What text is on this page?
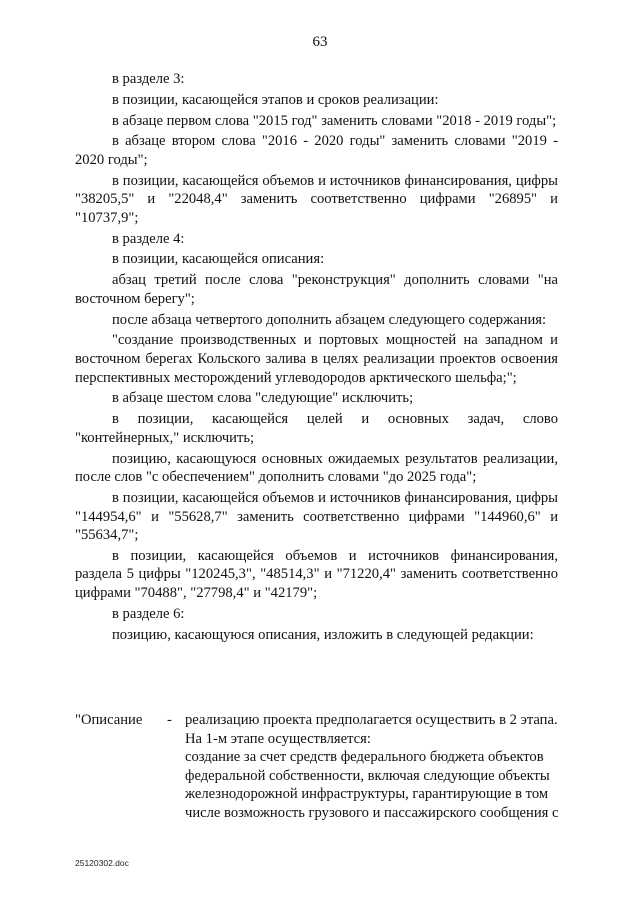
63

в разделе 3:

в позиции, касающейся этапов и сроков реализации:

в абзаце первом слова "2015 год" заменить словами "2018 - 2019 годы";

в абзаце втором слова "2016 - 2020 годы" заменить словами "2019 - 2020 годы";

в позиции, касающейся объемов и источников финансирования, цифры "38205,5" и "22048,4" заменить соответственно цифрами "26895" и "10737,9";

в разделе 4:

в позиции, касающейся описания:

абзац третий после слова "реконструкция" дополнить словами "на восточном берегу";

после абзаца четвертого дополнить абзацем следующего содержания:

"создание производственных и портовых мощностей на западном и восточном берегах Кольского залива в целях реализации проектов освоения перспективных месторождений углеводородов арктического шельфа;";

в абзаце шестом слова "следующие" исключить;

в позиции, касающейся целей и основных задач, слово "контейнерных," исключить;

позицию, касающуюся основных ожидаемых результатов реализации, после слов "с обеспечением" дополнить словами "до 2025 года";

в позиции, касающейся объемов и источников финансирования, цифры "144954,6" и "55628,7" заменить соответственно цифрами "144960,6" и "55634,7";

в позиции, касающейся объемов и источников финансирования, раздела 5 цифры "120245,3", "48514,3" и "71220,4" заменить соответственно цифрами "70488", "27798,4" и "42179";

в разделе 6:

позицию, касающуюся описания, изложить в следующей редакции:

"Описание	- реализацию проекта предполагается осуществить в 2 этапа.
На 1-м этапе осуществляется:
создание за счет средств федерального бюджета объектов
федеральной собственности, включая следующие объекты
железнодорожной инфраструктуры, гарантирующие в том
числе возможность грузового и пассажирского сообщения с
25120302.doc
